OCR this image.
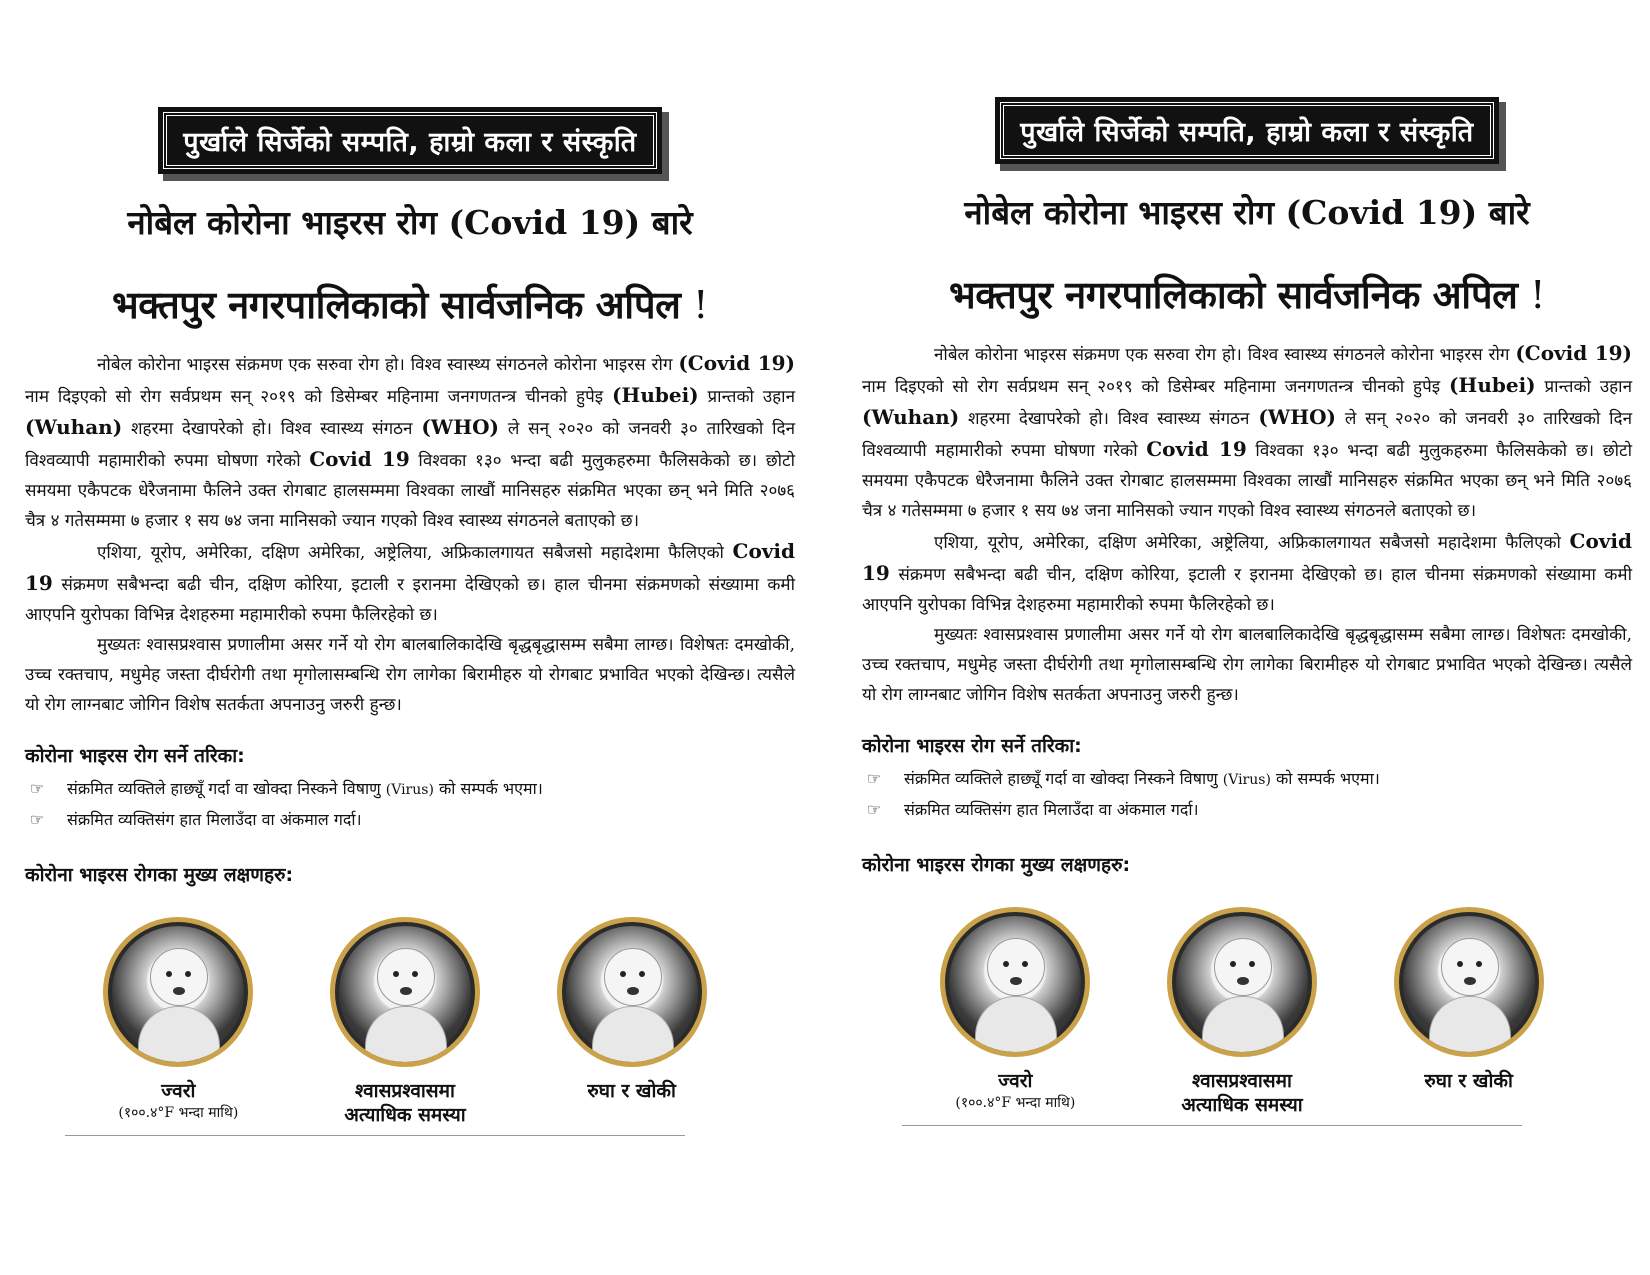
पुर्खाले सिर्जेको सम्पति, हाम्रो कला र संस्कृति
नोबेल कोरोना भाइरस रोग (Covid 19) बारे
भक्तपुर नगरपालिकाको सार्वजनिक अपिल !

नोबेल कोरोना भाइरस संक्रमण एक सरुवा रोग हो। विश्व स्वास्थ्य संगठनले कोरोना भाइरस रोग (Covid 19) नाम दिइएको सो रोग सर्वप्रथम सन् २०१९ को डिसेम्बर महिनामा जनगणतन्त्र चीनको हुपेइ (Hubei) प्रान्तको उहान (Wuhan) शहरमा देखापरेको हो। विश्व स्वास्थ्य संगठन (WHO) ले सन् २०२० को जनवरी ३० तारिखको दिन विश्वव्यापी महामारीको रुपमा घोषणा गरेको Covid 19 विश्वका १३० भन्दा बढी मुलुकहरुमा फैलिसकेको छ। छोटो समयमा एकैपटक धेरैजनामा फैलिने उक्त रोगबाट हालसम्ममा विश्वका लाखौं मानिसहरु संक्रमित भएका छन् भने मिति २०७६ चैत्र ४ गतेसम्ममा ७ हजार १ सय ७४ जना मानिसको ज्यान गएको विश्व स्वास्थ्य संगठनले बताएको छ।

एशिया, यूरोप, अमेरिका, दक्षिण अमेरिका, अष्ट्रेलिया, अफ्रिकालगायत सबैजसो महादेशमा फैलिएको Covid 19 संक्रमण सबैभन्दा बढी चीन, दक्षिण कोरिया, इटाली र इरानमा देखिएको छ। हाल चीनमा संक्रमणको संख्यामा कमी आएपनि युरोपका विभिन्न देशहरुमा महामारीको रुपमा फैलिरहेको छ।

मुख्यतः श्वासप्रश्वास प्रणालीमा असर गर्ने यो रोग बालबालिकादेखि बृद्धबृद्धासम्म सबैमा लाग्छ। विशेषतः दमखोकी, उच्च रक्तचाप, मधुमेह जस्ता दीर्घरोगी तथा मृगोलासम्बन्धि रोग लागेका बिरामीहरु यो रोगबाट प्रभावित भएको देखिन्छ। त्यसैले यो रोग लाग्नबाट जोगिन विशेष सतर्कता अपनाउनु जरुरी हुन्छ।

कोरोना भाइरस रोग सर्ने तरिका:
☞	संक्रमित व्यक्तिले हाछ्यूँ गर्दा वा खोक्दा निस्कने विषाणु (Virus) को सम्पर्क भएमा।
☞	संक्रमित व्यक्तिसंग हात मिलाउँदा वा अंकमाल गर्दा।
कोरोना भाइरस रोगका मुख्य लक्षणहरु:
ज्वरो
(१००.४°F भन्दा माथि)
श्वासप्रश्वासमा
अत्याधिक समस्या
रुघा र खोकी
पुर्खाले सिर्जेको सम्पति, हाम्रो कला र संस्कृति
नोबेल कोरोना भाइरस रोग (Covid 19) बारे
भक्तपुर नगरपालिकाको सार्वजनिक अपिल !

नोबेल कोरोना भाइरस संक्रमण एक सरुवा रोग हो। विश्व स्वास्थ्य संगठनले कोरोना भाइरस रोग (Covid 19) नाम दिइएको सो रोग सर्वप्रथम सन् २०१९ को डिसेम्बर महिनामा जनगणतन्त्र चीनको हुपेइ (Hubei) प्रान्तको उहान (Wuhan) शहरमा देखापरेको हो। विश्व स्वास्थ्य संगठन (WHO) ले सन् २०२० को जनवरी ३० तारिखको दिन विश्वव्यापी महामारीको रुपमा घोषणा गरेको Covid 19 विश्वका १३० भन्दा बढी मुलुकहरुमा फैलिसकेको छ। छोटो समयमा एकैपटक धेरैजनामा फैलिने उक्त रोगबाट हालसम्ममा विश्वका लाखौं मानिसहरु संक्रमित भएका छन् भने मिति २०७६ चैत्र ४ गतेसम्ममा ७ हजार १ सय ७४ जना मानिसको ज्यान गएको विश्व स्वास्थ्य संगठनले बताएको छ।

एशिया, यूरोप, अमेरिका, दक्षिण अमेरिका, अष्ट्रेलिया, अफ्रिकालगायत सबैजसो महादेशमा फैलिएको Covid 19 संक्रमण सबैभन्दा बढी चीन, दक्षिण कोरिया, इटाली र इरानमा देखिएको छ। हाल चीनमा संक्रमणको संख्यामा कमी आएपनि युरोपका विभिन्न देशहरुमा महामारीको रुपमा फैलिरहेको छ।

मुख्यतः श्वासप्रश्वास प्रणालीमा असर गर्ने यो रोग बालबालिकादेखि बृद्धबृद्धासम्म सबैमा लाग्छ। विशेषतः दमखोकी, उच्च रक्तचाप, मधुमेह जस्ता दीर्घरोगी तथा मृगोलासम्बन्धि रोग लागेका बिरामीहरु यो रोगबाट प्रभावित भएको देखिन्छ। त्यसैले यो रोग लाग्नबाट जोगिन विशेष सतर्कता अपनाउनु जरुरी हुन्छ।

कोरोना भाइरस रोग सर्ने तरिका:
☞	संक्रमित व्यक्तिले हाछ्यूँ गर्दा वा खोक्दा निस्कने विषाणु (Virus) को सम्पर्क भएमा।
☞	संक्रमित व्यक्तिसंग हात मिलाउँदा वा अंकमाल गर्दा।
कोरोना भाइरस रोगका मुख्य लक्षणहरु:
ज्वरो
(१००.४°F भन्दा माथि)
श्वासप्रश्वासमा
अत्याधिक समस्या
रुघा र खोकी
